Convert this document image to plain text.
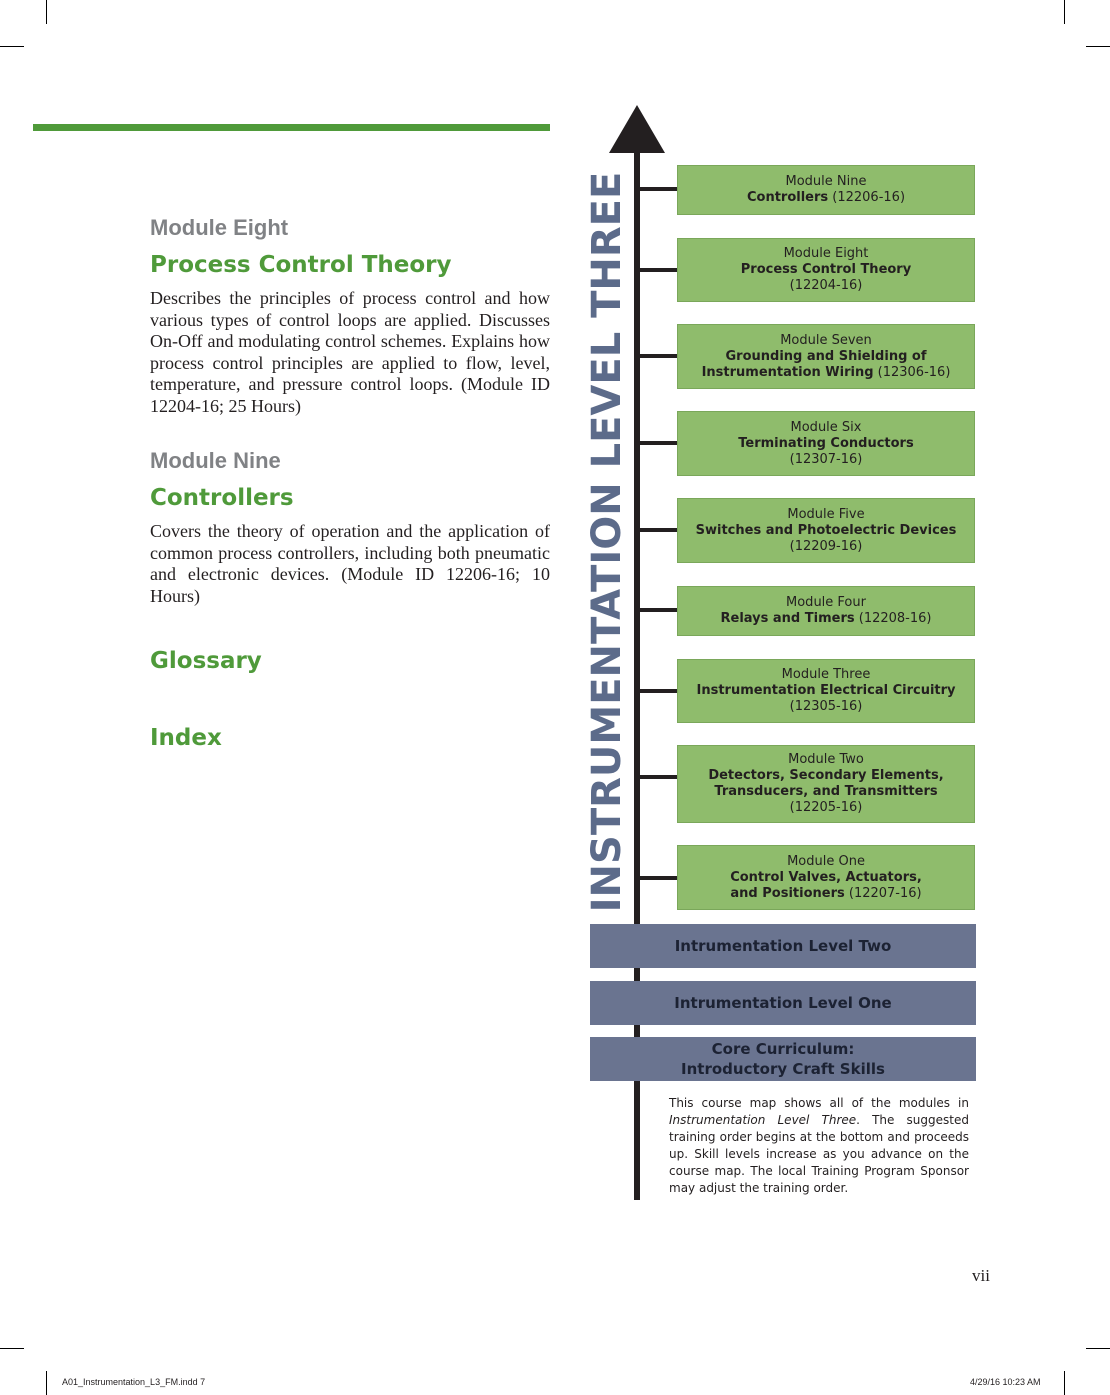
Module Eight
Process Control Theory
Describes the principles of process control and how various types of control loops are applied. Discusses On-Off and modulating control schemes. Explains how process control principles are applied to flow, level, temperature, and pressure control loops. (Module ID 12204-16; 25 Hours)
Module Nine
Controllers
Covers the theory of operation and the application of common process controllers, including both pneumatic and electronic devices. (Module ID 12206-16; 10 Hours)
Glossary
Index	INSTRUMENTATION LEVEL THREE	Module Nine
Controllers (12206-16)
Module Eight
Process Control Theory
(12204-16)
Module Seven
Grounding and Shielding of
Instrumentation Wiring (12306-16)
Module Six
Terminating Conductors
(12307-16)
Module Five
Switches and Photoelectric Devices
(12209-16)
Module Four
Relays and Timers (12208-16)
Module Three
Instrumentation Electrical Circuitry
(12305-16)
Module Two
Detectors, Secondary Elements,
Transducers, and Transmitters
(12205-16)
Module One
Control Valves, Actuators,
and Positioners (12207-16)
Intrumentation Level Two
Intrumentation Level One
Core Curriculum:
Introductory Craft Skills
This course map shows all of the modules in Instrumentation Level Three. The suggested training order begins at the bottom and proceeds up. Skill levels increase as you advance on the course map. The local Training Program Sponsor may adjust the training order.
vii
A01_Instrumentation_L3_FM.indd 7	4/29/16 10:23 AM
